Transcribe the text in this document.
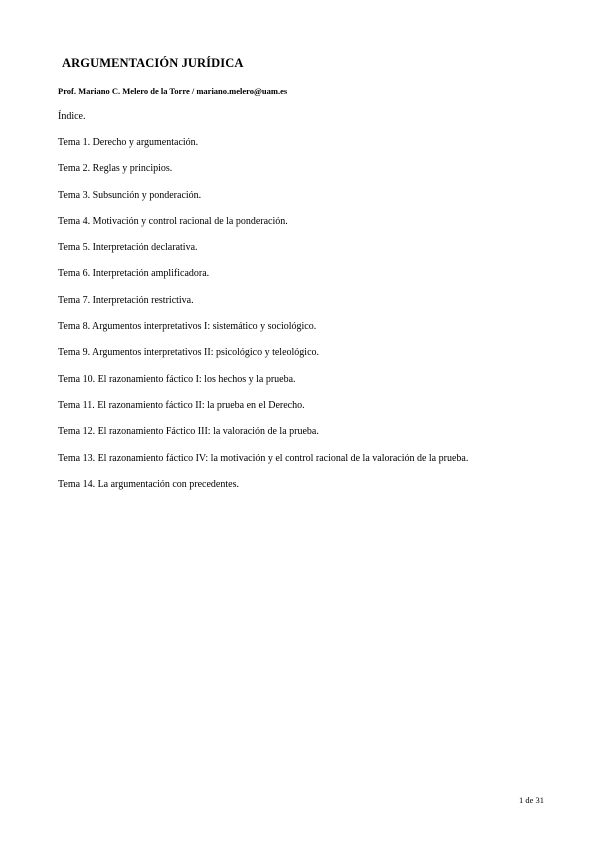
ARGUMENTACIÓN JURÍDICA
Prof. Mariano C. Melero de la Torre / mariano.melero@uam.es
Índice.
Tema 1. Derecho y argumentación.
Tema 2. Reglas y principios.
Tema 3. Subsunción y ponderación.
Tema 4. Motivación y control racional de la ponderación.
Tema 5. Interpretación declarativa.
Tema 6. Interpretación amplificadora.
Tema 7. Interpretación restrictiva.
Tema 8. Argumentos interpretativos I: sistemático y sociológico.
Tema 9. Argumentos interpretativos II: psicológico y teleológico.
Tema 10. El razonamiento fáctico I: los hechos y la prueba.
Tema 11. El razonamiento fáctico II: la prueba en el Derecho.
Tema 12. El razonamiento Fáctico III: la valoración de la prueba.
Tema 13. El razonamiento fáctico IV: la motivación y el control racional de la valoración de la prueba.
Tema 14. La argumentación con precedentes.
1 de 31
